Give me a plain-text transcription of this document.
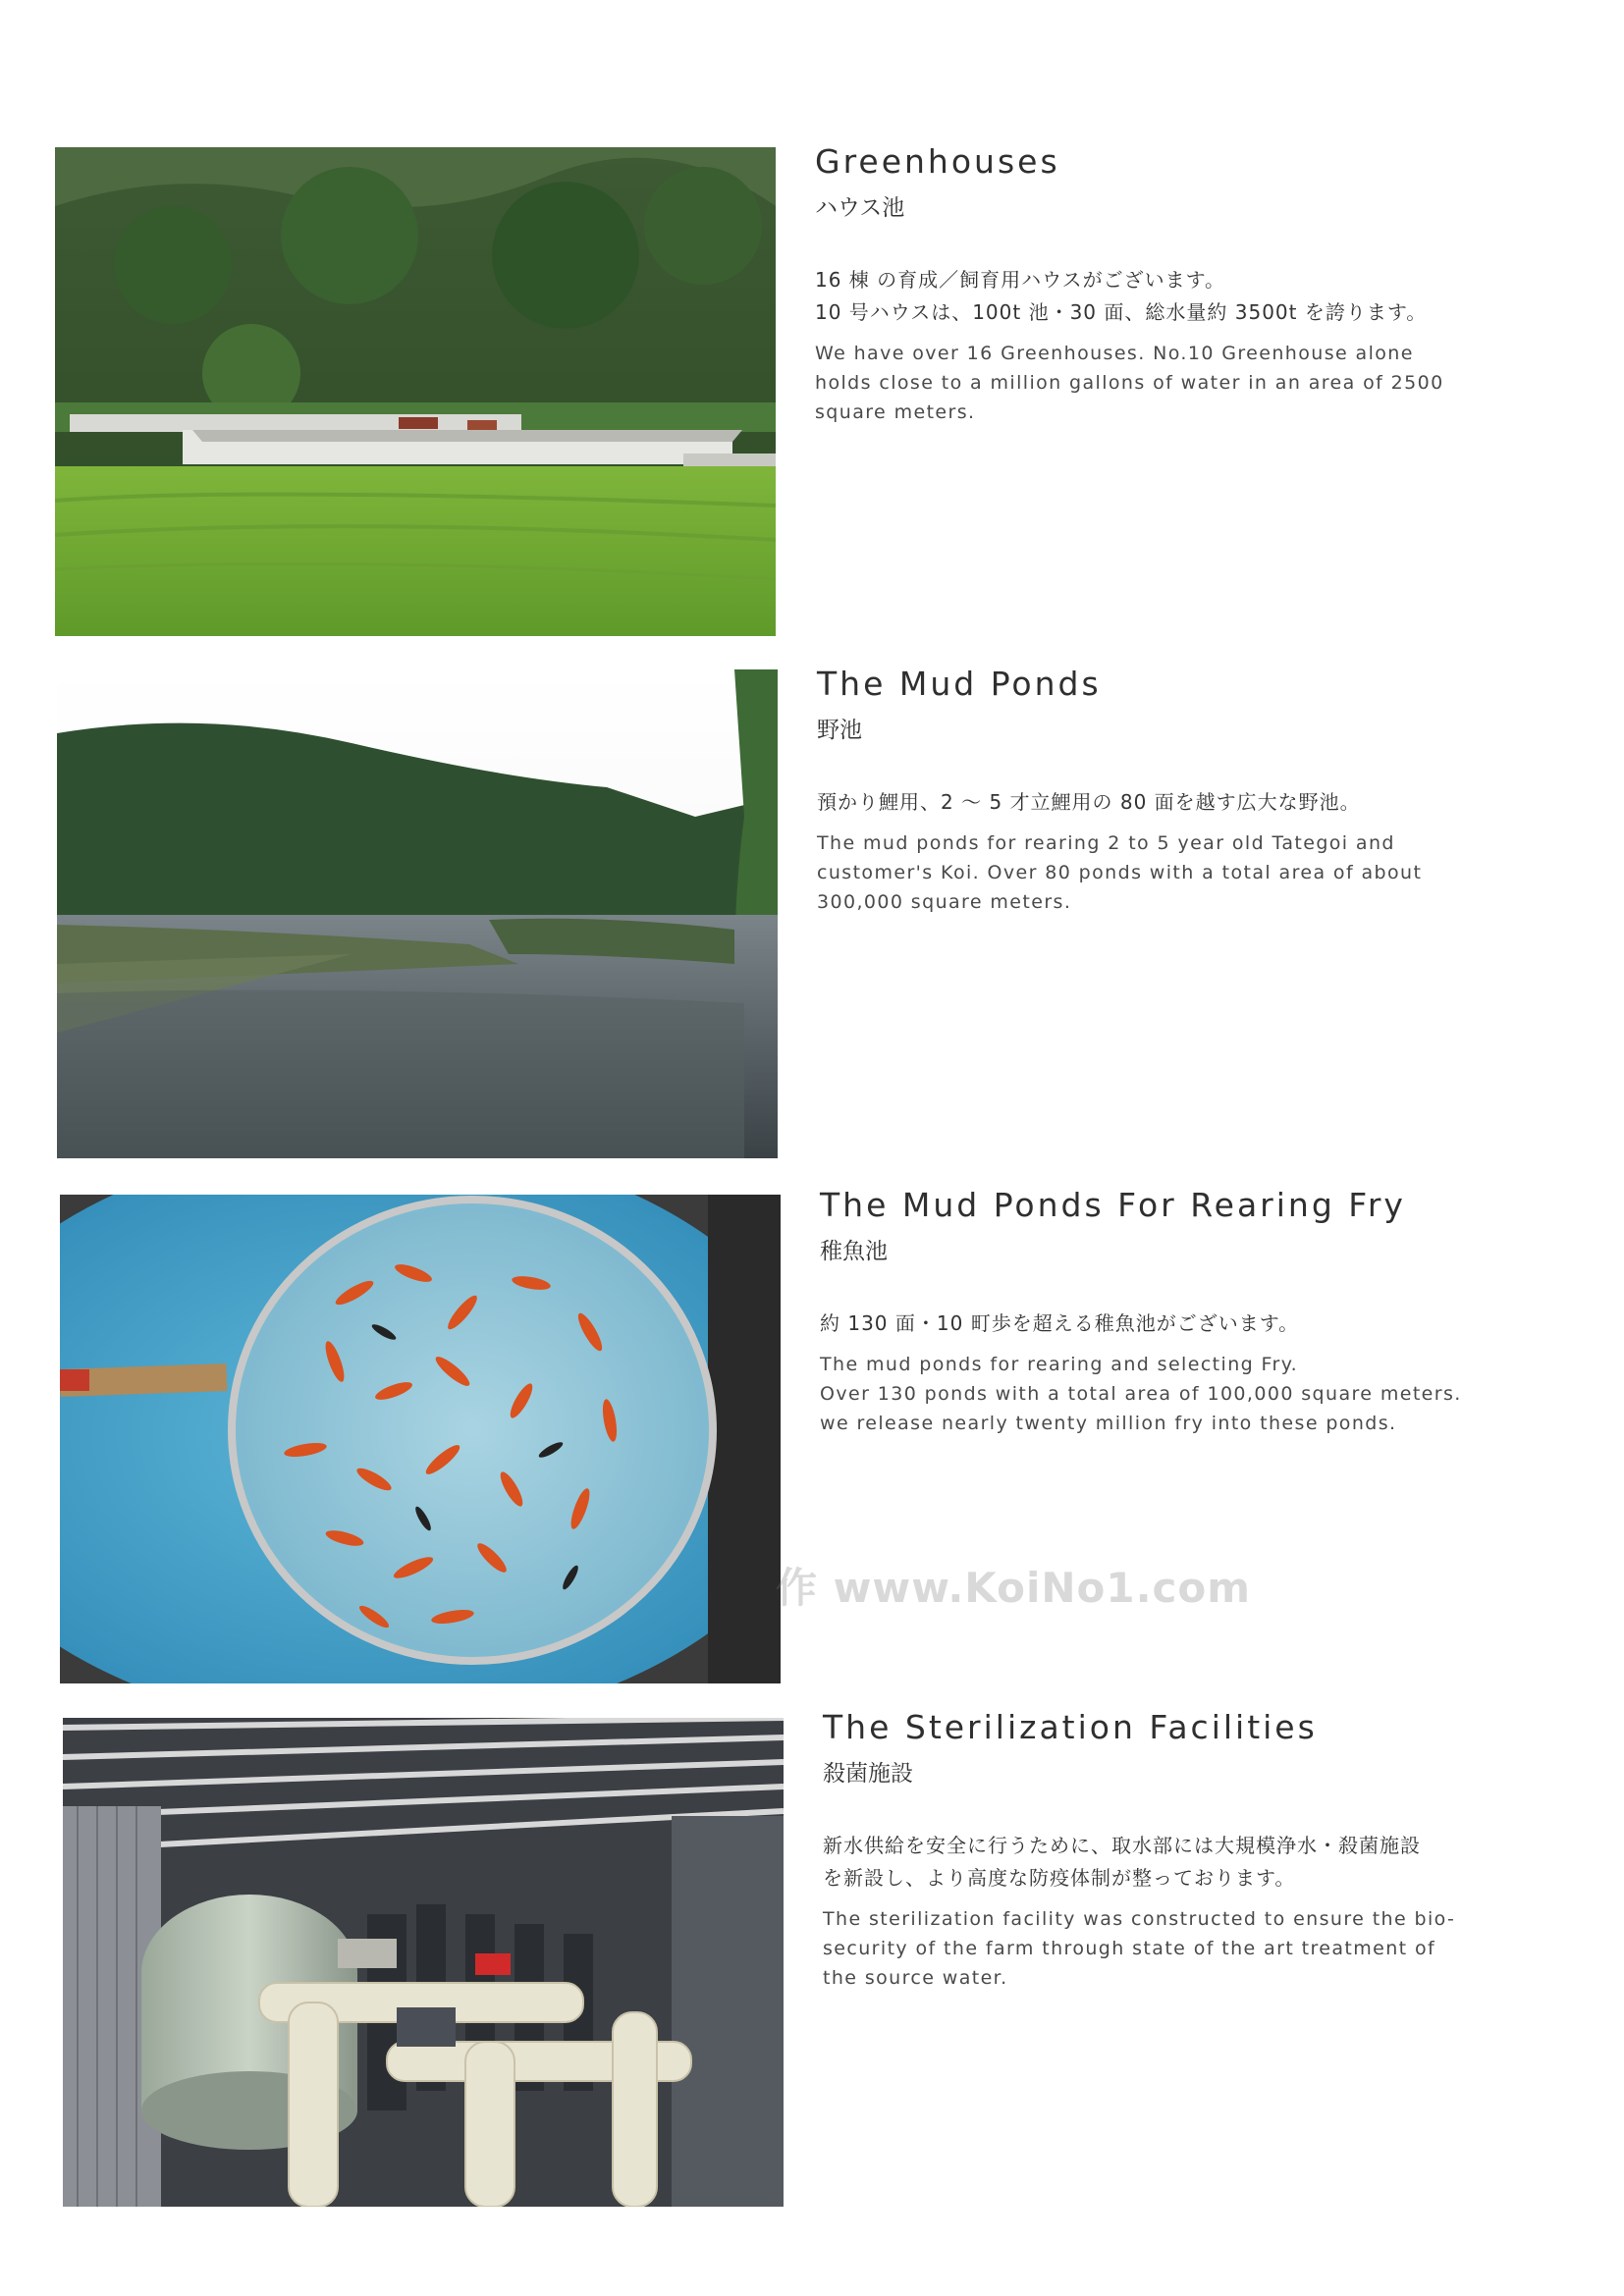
Greenhouses
ハウス池
16 棟 の育成／飼育用ハウスがございます。
10 号ハウスは、100t 池・30 面、総水量約 3500t を誇ります。
We have over 16 Greenhouses. No.10 Greenhouse alone
holds close to a million gallons of water in an area of 2500
square meters.
The Mud Ponds
野池
預かり鯉用、2 ～ 5 才立鯉用の 80 面を越す広大な野池。
The mud ponds for rearing 2 to 5 year old Tategoi and
customer's Koi. Over 80 ponds with a total area of about
300,000 square meters.
The Mud Ponds For Rearing Fry
稚魚池
約 130 面・10 町歩を超える稚魚池がございます。
The mud ponds for rearing and selecting Fry.
Over 130 ponds with a total area of 100,000 square meters.
we release nearly twenty million fry into these ponds.
The Sterilization Facilities
殺菌施設
新水供給を安全に行うために、取水部には大規模浄水・殺菌施設
を新設し、より高度な防疫体制が整っております。
The sterilization facility was constructed to ensure the bio-
security of the farm through state of the art treatment of
the source water.
作 www.KoiNo1.com
